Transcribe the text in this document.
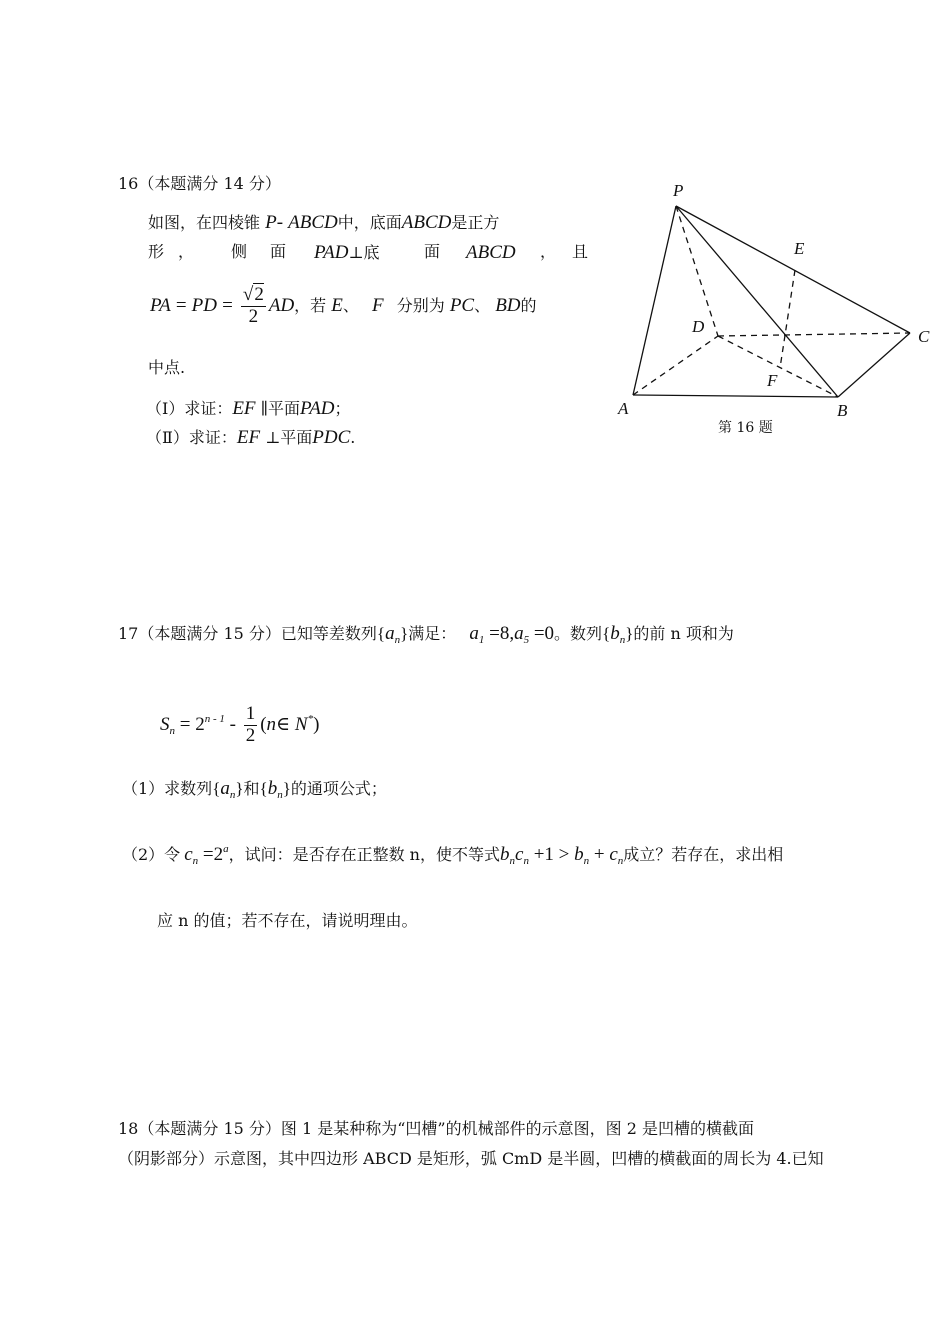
16（本题满分 14 分）
如图，在四棱锥 P- ABCD中，底面ABCD是正方
形 ， 侧 面 PAD⊥底	面 ABCD ， 且
PA = PD = $\frac{√2}{2}$ AD，若 E、 F 分别为 PC、 BD的
中点.
（Ⅰ）求证：EF ∥平面PAD；
（Ⅱ）求证：EF ⊥平面PDC.
P
E
D
C
F
A	B
第 16 题
17（本题满分 15 分）已知等差数列$\{a_n\}$满足： $a_1 =8,a_5 =0$。数列$\{b_n\}$的前 n 项和为
$S_n = 2^{n - 1} - \frac{1}{2}$ (n∈ N*)
（1）求数列$\{a_n\}$和$\{b_n\}$的通项公式；
（2）令 $c_n =2^a$，试问：是否存在正整数 n，使不等式$b_nc_n +1 > b_n + c_n$成立？若存在，求出相
应 n 的值；若不存在，请说明理由。
18（本题满分 15 分）图 1 是某种称为“凹槽”的机械部件的示意图，图 2 是凹槽的横截面
（阴影部分）示意图，其中四边形 ABCD 是矩形，弧 CmD 是半圆，凹槽的横截面的周长为 4.已知
